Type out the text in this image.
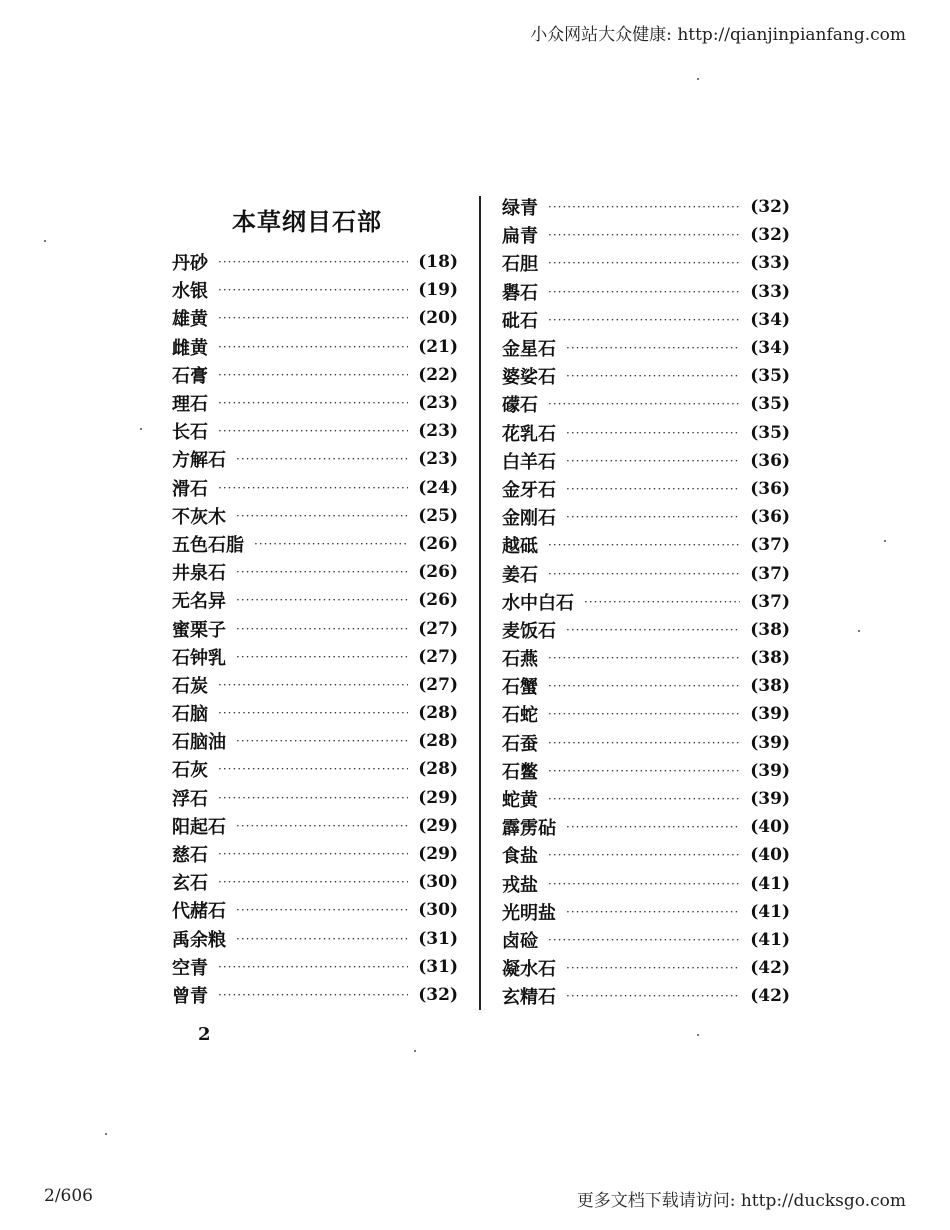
小众网站大众健康: http://qianjinpianfang.com
本草纲目石部
丹砂 ·····	(18)
水银 ·····	(19)
雄黄 ·····	(20)
雌黄 ·····	(21)
石膏 ·····	(22)
理石 ·····	(23)
长石 ·····	(23)
方解石 ·····	(23)
滑石 ·····	(24)
不灰木 ·····	(25)
五色石脂 ·····	(26)
井泉石 ·····	(26)
无名异 ·····	(26)
蜜栗子 ·····	(27)
石钟乳 ·····	(27)
石炭 ·····	(27)
石脑 ·····	(28)
石脑油 ·····	(28)
石灰 ·····	(28)
浮石 ·····	(29)
阳起石 ·····	(29)
慈石 ·····	(29)
玄石 ·····	(30)
代赭石 ·····	(30)
禹余粮 ·····	(31)
空青 ·····	(31)
曾青 ·····	(32)
绿青 ·····	(32)
扁青 ·····	(32)
石胆 ·····	(33)
礜石 ·····	(33)
砒石 ·····	(34)
金星石 ·····	(34)
婆娑石 ·····	(35)
礞石 ·····	(35)
花乳石 ·····	(35)
白羊石 ·····	(36)
金牙石 ·····	(36)
金刚石 ·····	(36)
越砥 ·····	(37)
姜石 ·····	(37)
水中白石 ·····	(37)
麦饭石 ·····	(38)
石燕 ·····	(38)
石蟹 ·····	(38)
石蛇 ·····	(39)
石蚕 ·····	(39)
石鳖 ·····	(39)
蛇黄 ·····	(39)
霹雳砧 ·····	(40)
食盐 ·····	(40)
戎盐 ·····	(41)
光明盐 ·····	(41)
卤硷 ·····	(41)
凝水石 ·····	(42)
玄精石 ·····	(42)
2
2/606	更多文档下载请访问: http://ducksgo.com
